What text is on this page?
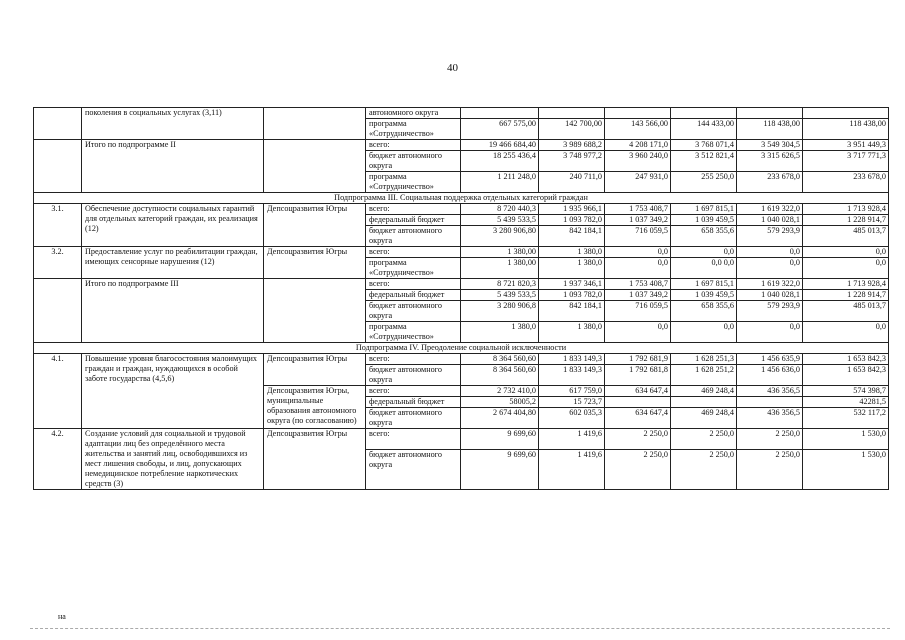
40
	поколения в социальных услугах (3,11)		автономного округа						
			программа «Сотрудничество»	667 575,00	142 700,00	143 566,00	144 433,00	118 438,00	118 438,00
	Итого по подпрограмме II		всего:	19 466 684,40	3 989 688,2	4 208 171,0	3 768 071,4	3 549 304,5	3 951 449,3
			бюджет автономного округа	18 255 436,4	3 748 977,2	3 960 240,0	3 512 821,4	3 315 626,5	3 717 771,3
			программа «Сотрудничество»	1 211 248,0	240 711,0	247 931,0	255 250,0	233 678,0	233 678,0
Подпрограмма III. Социальная поддержка отдельных категорий граждан									
3.1.	Обеспечение доступности социальных гарантий для отдельных категорий граждан, их реализация (12)	Депсоцразвития Югры	всего:	8 720 440,3	1 935 966,1	1 753 408,7	1 697 815,1	1 619 322,0	1 713 928,4
			федеральный бюджет	5 439 533,5	1 093 782,0	1 037 349,2	1 039 459,5	1 040 028,1	1 228 914,7
			бюджет автономного округа	3 280 906,80	842 184,1	716 059,5	658 355,6	579 293,9	485 013,7
3.2.	Предоставление услуг по реабилитации граждан, имеющих сенсорные нарушения (12)	Депсоцразвития Югры	всего:	1 380,00	1 380,0	0,0	0,0	0,0	0,0
			программа «Сотрудничество»	1 380,00	1 380,0	0,0	0,0 0,0	0,0	0,0
	Итого по подпрограмме III		всего:	8 721 820,3	1 937 346,1	1 753 408,7	1 697 815,1	1 619 322,0	1 713 928,4
			федеральный бюджет	5 439 533,5	1 093 782,0	1 037 349,2	1 039 459,5	1 040 028,1	1 228 914,7
			бюджет автономного округа	3 280 906,8	842 184,1	716 059,5	658 355,6	579 293,9	485 013,7
			программа «Сотрудничество»	1 380,0	1 380,0	0,0	0,0	0,0	0,0
Подпрограмма IV. Преодоление социальной исключенности									
4.1.	Повышение уровня благосостояния малоимущих граждан и граждан, нуждающихся в особой заботе государства (4,5,6)	Депсоцразвития Югры	всего:	8 364 560,60	1 833 149,3	1 792 681,9	1 628 251,3	1 456 635,9	1 653 842,3
			бюджет автономного округа	8 364 560,60	1 833 149,3	1 792 681,8	1 628 251,2	1 456 636,0	1 653 842,3
		Депсоцразвития Югры, муниципальные образования автономного округа (по согласованию)	всего:	2 732 410,0	617 759,0	634 647,4	469 248,4	436 356,5	574 398,7
			федеральный бюджет	58005,2	15 723,7				42281,5
			бюджет автономного округа	2 674 404,80	602 035,3	634 647,4	469 248,4	436 356,5	532 117,2
4.2.	Создание условий для социальной и трудовой адаптации лиц без определённого места жительства и занятий лиц, освободившихся из мест лишения свободы, и лиц, допускающих немедицинское потребление наркотических средств (3)	Депсоцразвития Югры	всего:	9 699,60	1 419,6	2 250,0	2 250,0	2 250,0	1 530,0
			бюджет автономного округа	9 699,60	1 419,6	2 250,0	2 250,0	2 250,0	1 530,0
на
